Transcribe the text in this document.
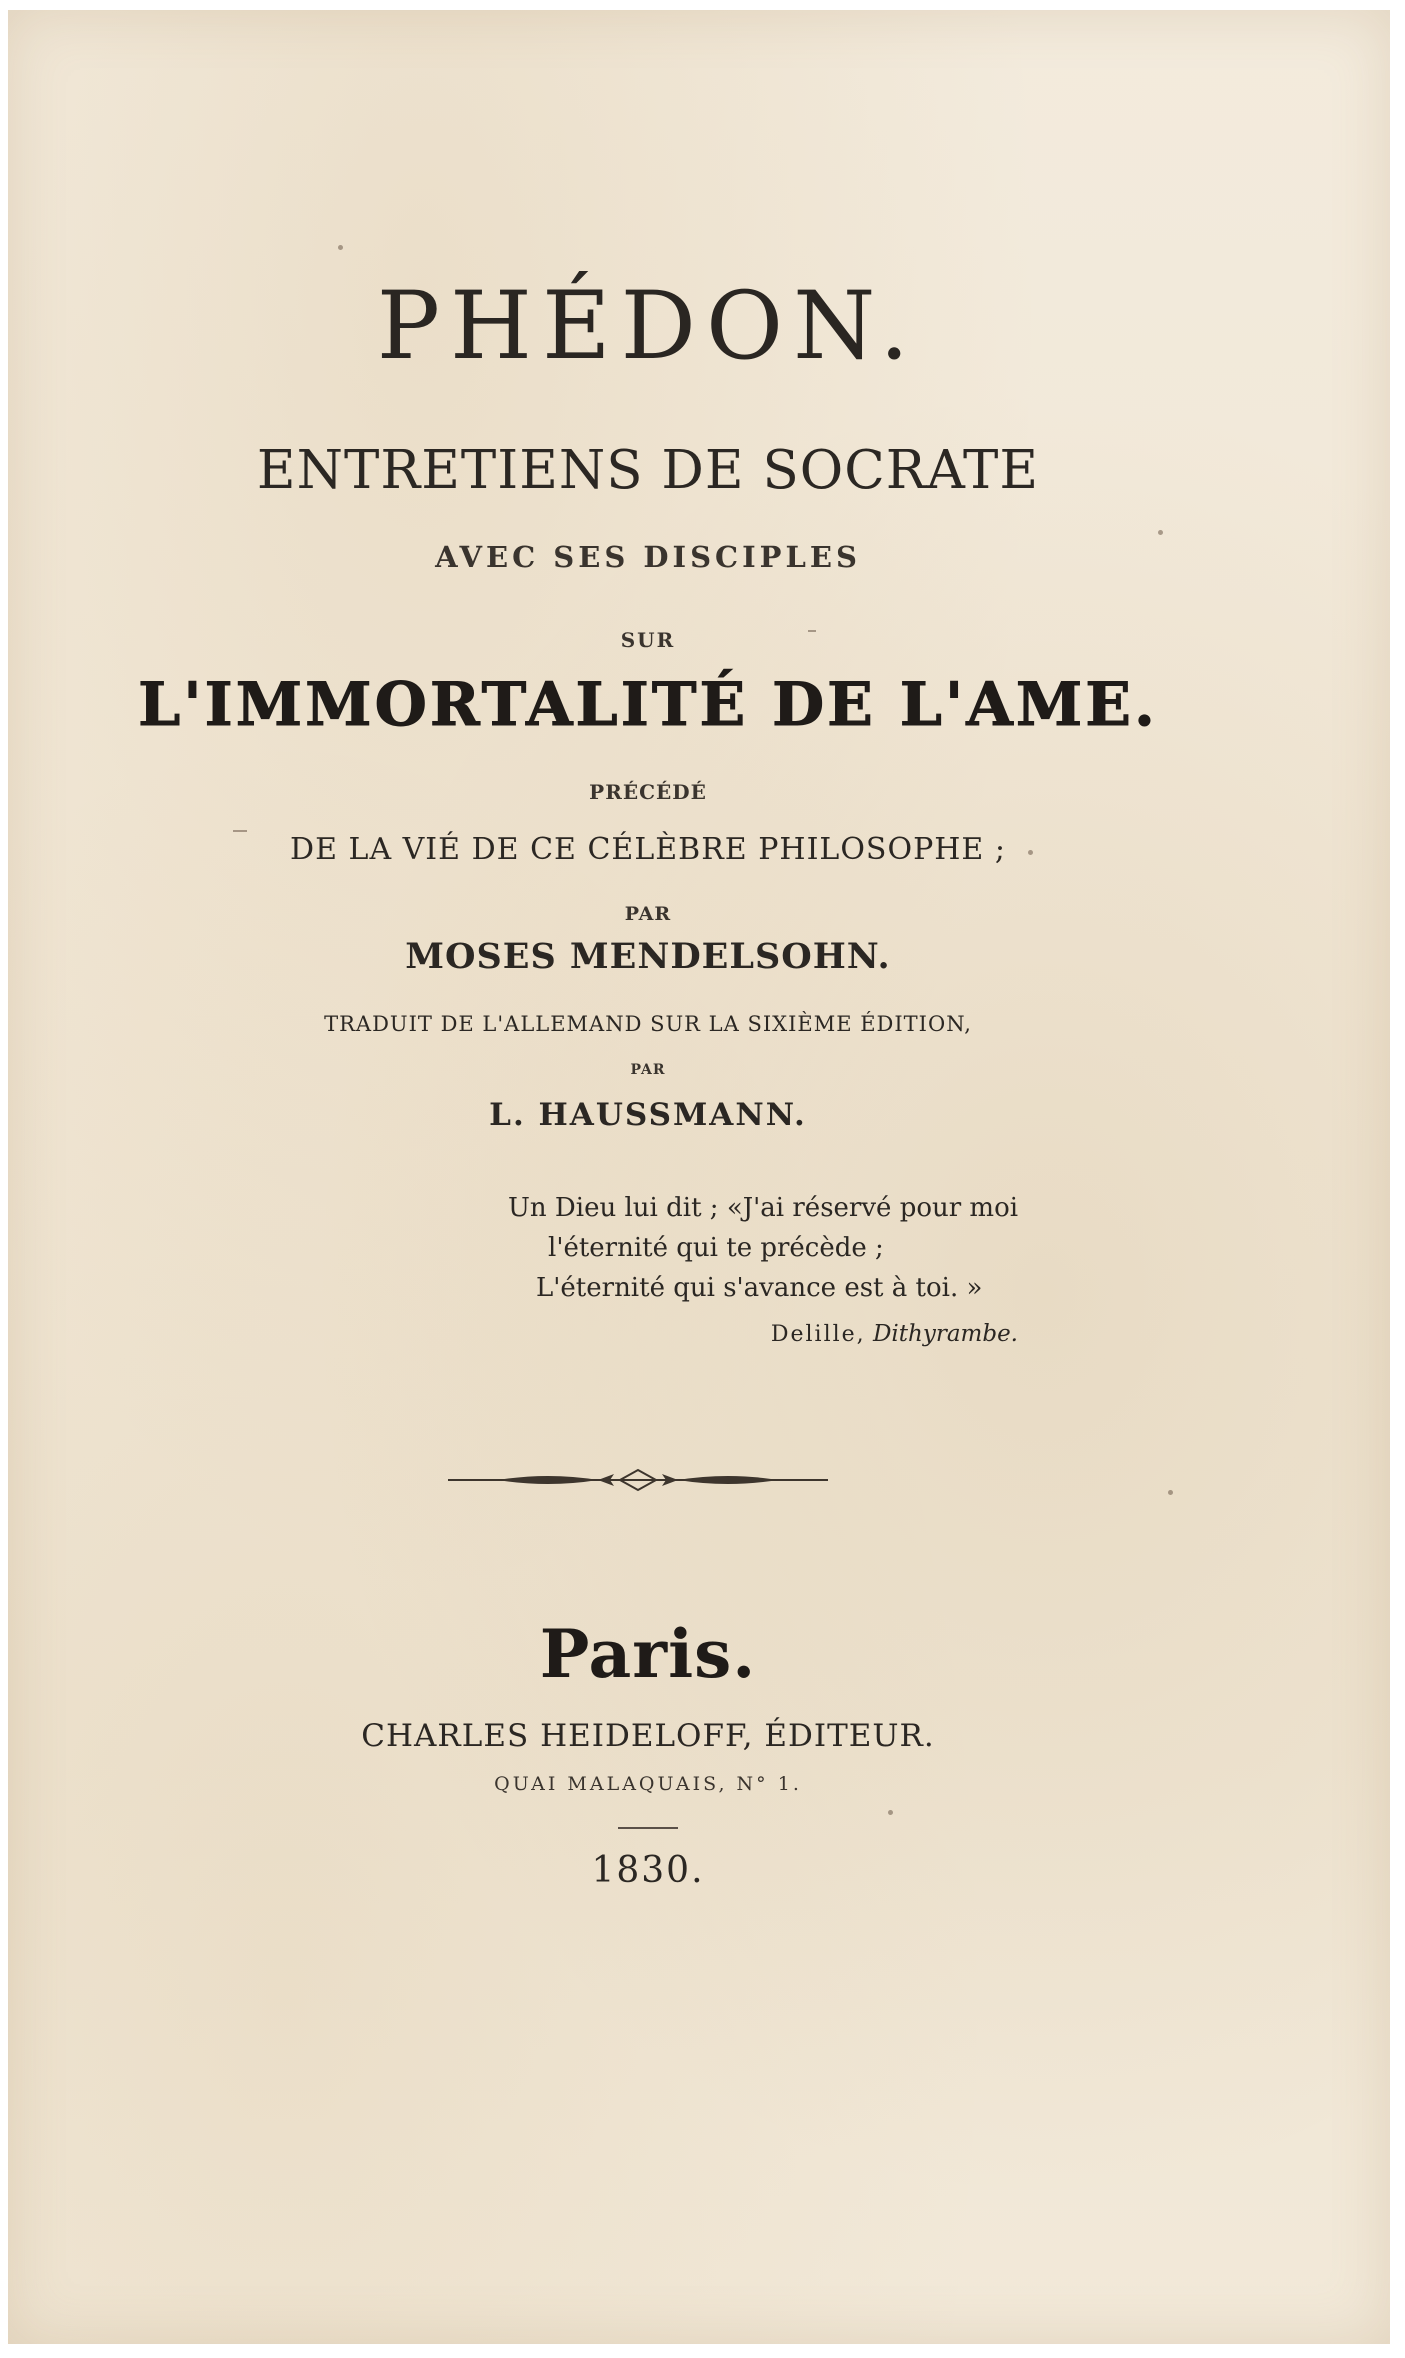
PHÉDON.
ENTRETIENS DE SOCRATE
AVEC SES DISCIPLES
SUR
L'IMMORTALITÉ DE L'AME.
PRÉCÉDÉ
DE LA VIÉ DE CE CÉLÈBRE PHILOSOPHE ;
PAR
MOSES MENDELSOHN.
TRADUIT DE L'ALLEMAND SUR LA SIXIÈME ÉDITION,
PAR
L. HAUSSMANN.
Un Dieu lui dit ; «J'ai réservé pour moi
l'éternité qui te précède ;
L'éternité qui s'avance est à toi. »
Delille, Dithyrambe.
Paris.
CHARLES HEIDELOFF, ÉDITEUR.
QUAI MALAQUAIS, N° 1.
1830.
